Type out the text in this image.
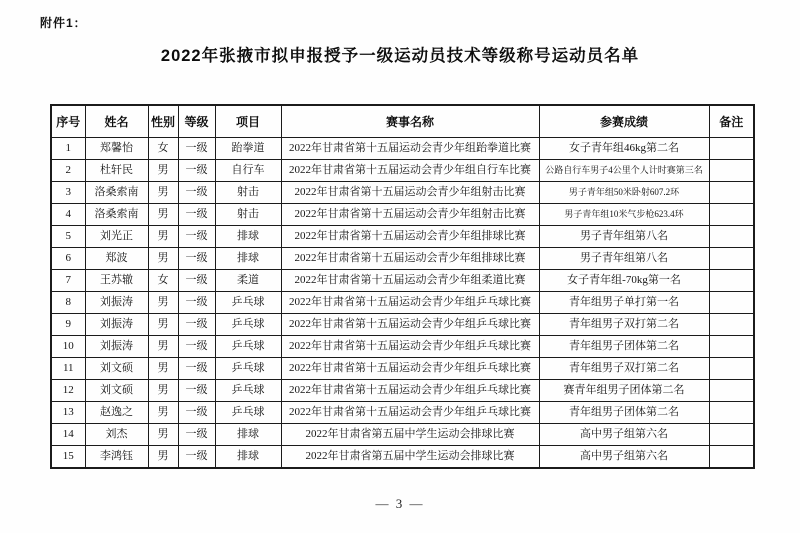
附件1：
2022年张掖市拟申报授予一级运动员技术等级称号运动员名单
序号	姓名	性别	等级	项目	赛事名称	参赛成绩	备注
1	郑馨怡	女	一级	跆拳道	2022年甘肃省第十五届运动会青少年组跆拳道比赛	女子青年组46kg第二名	
2	杜轩民	男	一级	自行车	2022年甘肃省第十五届运动会青少年组自行车比赛	公路自行车男子4公里个人计时赛第三名	
3	洛桑索南	男	一级	射击	2022年甘肃省第十五届运动会青少年组射击比赛	男子青年组50米卧射607.2环	
4	洛桑索南	男	一级	射击	2022年甘肃省第十五届运动会青少年组射击比赛	男子青年组10米气步枪623.4环	
5	刘光正	男	一级	排球	2022年甘肃省第十五届运动会青少年组排球比赛	男子青年组第八名	
6	郑波	男	一级	排球	2022年甘肃省第十五届运动会青少年组排球比赛	男子青年组第八名	
7	王苏辙	女	一级	柔道	2022年甘肃省第十五届运动会青少年组柔道比赛	女子青年组-70kg第一名	
8	刘振涛	男	一级	乒乓球	2022年甘肃省第十五届运动会青少年组乒乓球比赛	青年组男子单打第一名	
9	刘振涛	男	一级	乒乓球	2022年甘肃省第十五届运动会青少年组乒乓球比赛	青年组男子双打第二名	
10	刘振涛	男	一级	乒乓球	2022年甘肃省第十五届运动会青少年组乒乓球比赛	青年组男子团体第二名	
11	刘文硕	男	一级	乒乓球	2022年甘肃省第十五届运动会青少年组乒乓球比赛	青年组男子双打第二名	
12	刘文硕	男	一级	乒乓球	2022年甘肃省第十五届运动会青少年组乒乓球比赛	赛青年组男子团体第二名	
13	赵逸之	男	一级	乒乓球	2022年甘肃省第十五届运动会青少年组乒乓球比赛	青年组男子团体第二名	
14	刘杰	男	一级	排球	2022年甘肃省第五届中学生运动会排球比赛	高中男子组第六名	
15	李鸿钰	男	一级	排球	2022年甘肃省第五届中学生运动会排球比赛	高中男子组第六名	
— 3 —
